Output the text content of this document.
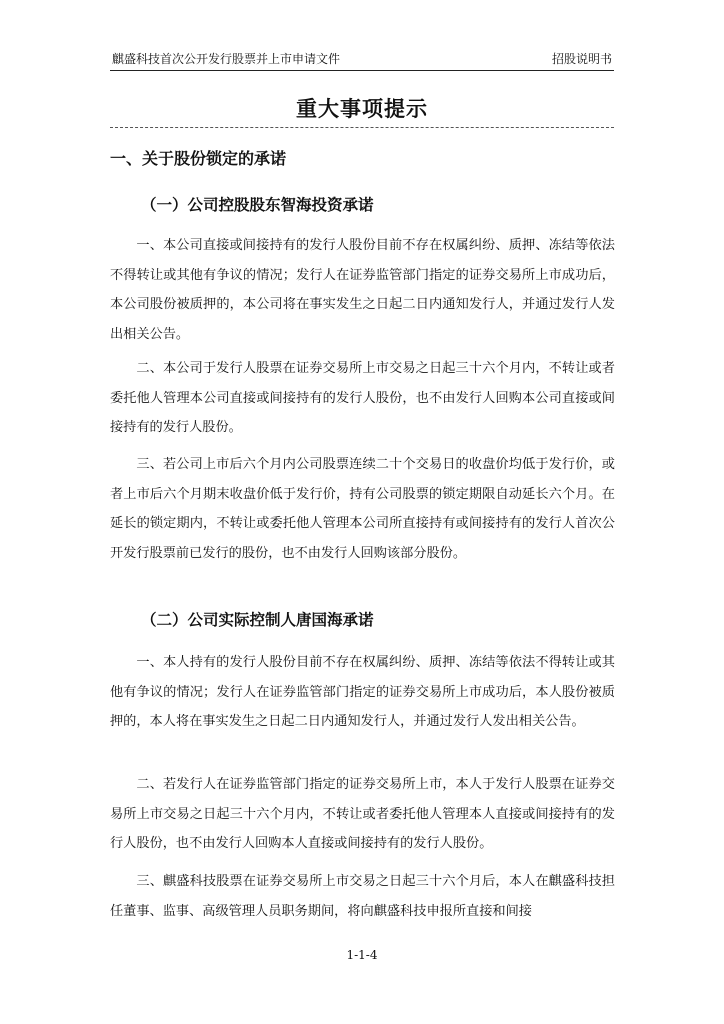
麒盛科技首次公开发行股票并上市申请文件	招股说明书
重大事项提示
一、关于股份锁定的承诺
（一）公司控股股东智海投资承诺

一、本公司直接或间接持有的发行人股份目前不存在权属纠纷、质押、冻结等依法不得转让或其他有争议的情况；发行人在证券监管部门指定的证券交易所上市成功后，本公司股份被质押的，本公司将在事实发生之日起二日内通知发行人，并通过发行人发出相关公告。

二、本公司于发行人股票在证券交易所上市交易之日起三十六个月内，不转让或者委托他人管理本公司直接或间接持有的发行人股份，也不由发行人回购本公司直接或间接持有的发行人股份。

三、若公司上市后六个月内公司股票连续二十个交易日的收盘价均低于发行价，或者上市后六个月期末收盘价低于发行价，持有公司股票的锁定期限自动延长六个月。在延长的锁定期内，不转让或委托他人管理本公司所直接持有或间接持有的发行人首次公开发行股票前已发行的股份，也不由发行人回购该部分股份。

（二）公司实际控制人唐国海承诺

一、本人持有的发行人股份目前不存在权属纠纷、质押、冻结等依法不得转让或其他有争议的情况；发行人在证券监管部门指定的证券交易所上市成功后，本人股份被质押的，本人将在事实发生之日起二日内通知发行人，并通过发行人发出相关公告。

二、若发行人在证券监管部门指定的证券交易所上市，本人于发行人股票在证券交易所上市交易之日起三十六个月内，不转让或者委托他人管理本人直接或间接持有的发行人股份，也不由发行人回购本人直接或间接持有的发行人股份。

三、麒盛科技股票在证券交易所上市交易之日起三十六个月后，本人在麒盛科技担任董事、监事、高级管理人员职务期间，将向麒盛科技申报所直接和间接

1-1-4
